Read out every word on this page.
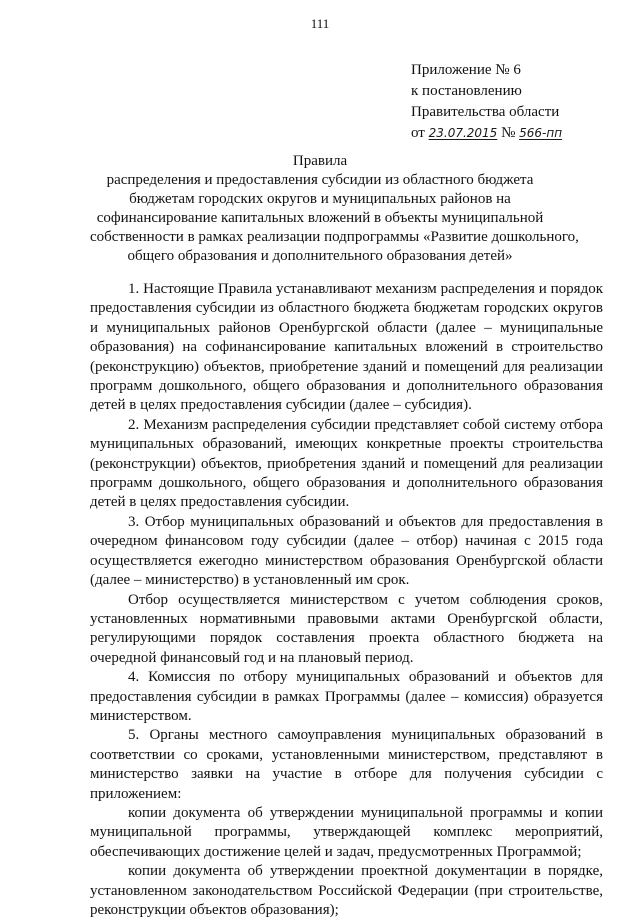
111
Приложение № 6
к постановлению
Правительства области
от 23.07.2015 № 566-пп
Правила
распределения и предоставления субсидии из областного бюджета
бюджетам городских округов и муниципальных районов на
софинансирование капитальных вложений в объекты муниципальной
собственности в рамках реализации подпрограммы «Развитие дошкольного,
общего образования и дополнительного образования детей»

1. Настоящие Правила устанавливают механизм распределения и порядок предоставления субсидии из областного бюджета бюджетам городских округов и муниципальных районов Оренбургской области (далее – муниципальные образования) на софинансирование капитальных вложений в строительство (реконструкцию) объектов, приобретение зданий и помещений для реализации программ дошкольного, общего образования и дополнительного образования детей в целях предоставления субсидии (далее – субсидия).

2. Механизм распределения субсидии представляет собой систему отбора муниципальных образований, имеющих конкретные проекты строительства (реконструкции) объектов, приобретения зданий и помещений для реализации программ дошкольного, общего образования и дополнительного образования детей в целях предоставления субсидии.

3. Отбор муниципальных образований и объектов для предоставления в очередном финансовом году субсидии (далее – отбор) начиная с 2015 года осуществляется ежегодно министерством образования Оренбургской области (далее – министерство) в установленный им срок.

Отбор осуществляется министерством с учетом соблюдения сроков, установленных нормативными правовыми актами Оренбургской области, регулирующими порядок составления проекта областного бюджета на очередной финансовый год и на плановый период.

4. Комиссия по отбору муниципальных образований и объектов для предоставления субсидии в рамках Программы (далее – комиссия) образуется министерством.

5. Органы местного самоуправления муниципальных образований в соответствии со сроками, установленными министерством, представляют в министерство заявки на участие в отборе для получения субсидии с приложением:

копии документа об утверждении муниципальной программы и копии муниципальной программы, утверждающей комплекс мероприятий, обеспечивающих достижение целей и задач, предусмотренных Программой;

копии документа об утверждении проектной документации в порядке, установленном законодательством Российской Федерации (при строительстве, реконструкции объектов образования);
